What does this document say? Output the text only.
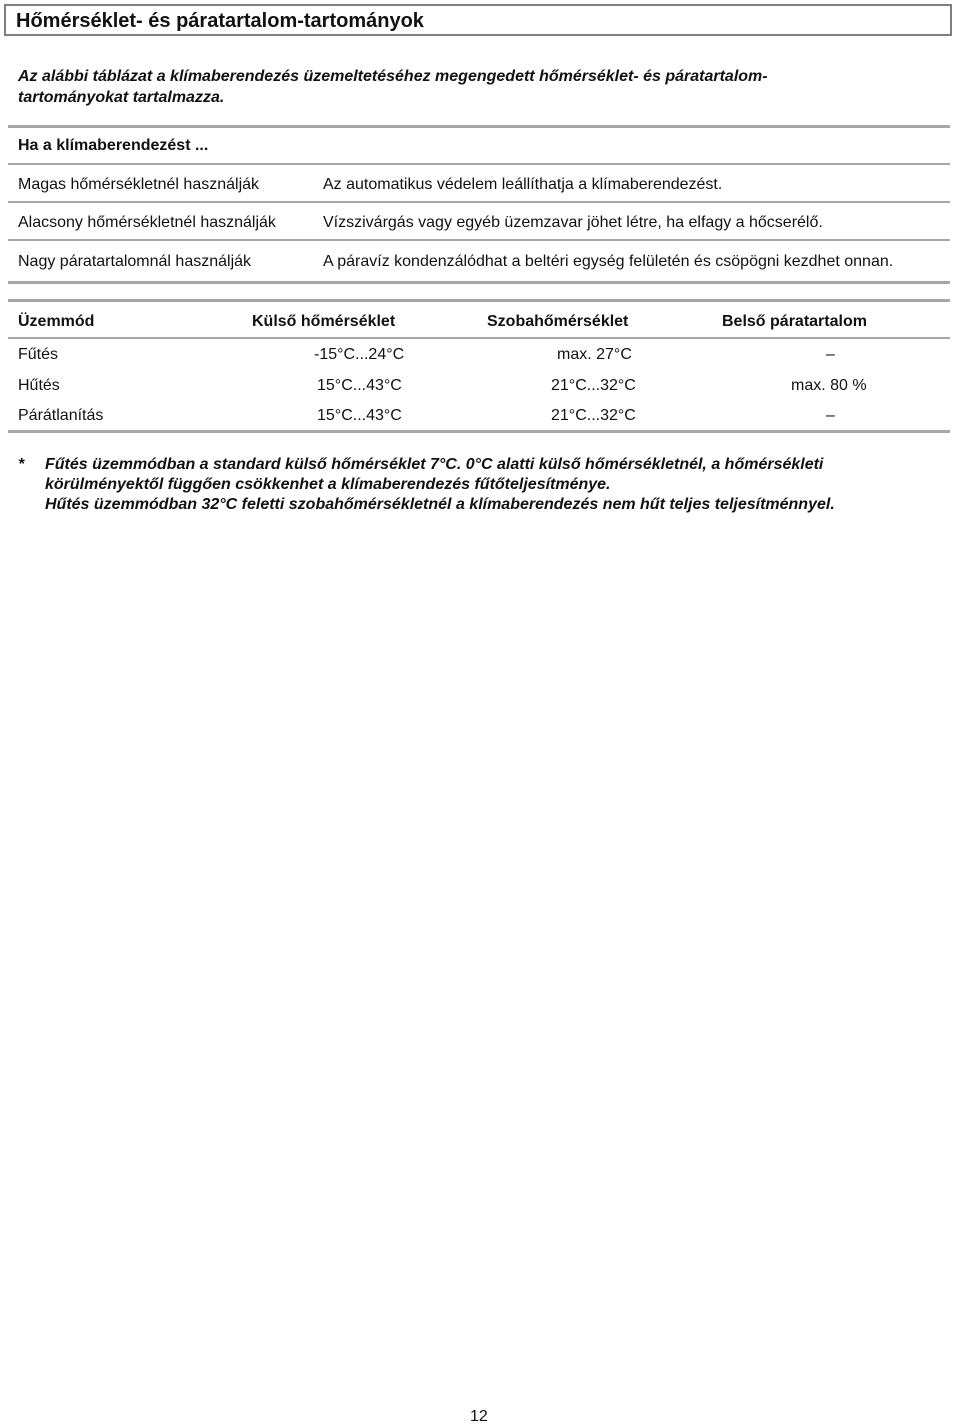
Hőmérséklet- és páratartalom-tartományok
Az alábbi táblázat a klímaberendezés üzemeltetéséhez megengedett hőmérséklet- és páratartalom-
tartományokat tartalmazza.
Ha a klímaberendezést ...
Magas hőmérsékletnél használják	Az automatikus védelem leállíthatja a klímaberendezést.
Alacsony hőmérsékletnél használják	Vízszivárgás vagy egyéb üzemzavar jöhet létre, ha elfagy a hőcserélő.
Nagy páratartalomnál használják	A páravíz kondenzálódhat a beltéri egység felületén és csöpögni kezdhet onnan.
Üzemmód	Külső hőmérséklet	Szobahőmérséklet	Belső páratartalom
Fűtés	-15°C...24°C	max. 27°C	–
Hűtés	15°C...43°C	21°C...32°C	max. 80 %
Párátlanítás	15°C...43°C	21°C...32°C	–
* Fűtés üzemmódban a standard külső hőmérséklet 7°C. 0°C alatti külső hőmérsékletnél, a hőmérsékleti
körülményektől függően csökkenhet a klímaberendezés fűtőteljesítménye.
Hűtés üzemmódban 32°C feletti szobahőmérsékletnél a klímaberendezés nem hűt teljes teljesítménnyel.
12
